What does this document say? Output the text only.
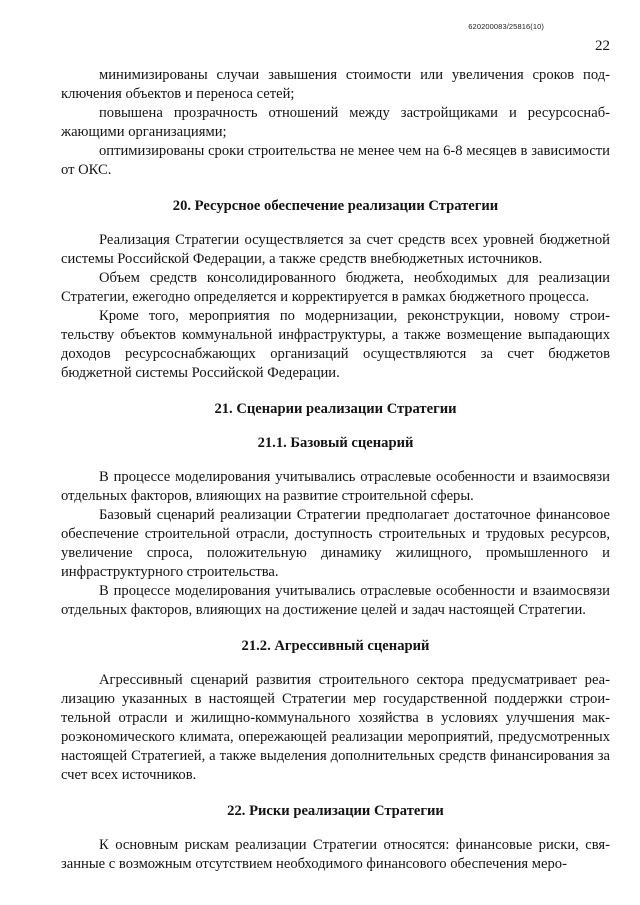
620200083/25816(10)
22

минимизированы случаи завышения стоимости или увеличения сроков подключения объектов и переноса сетей;

повышена прозрачность отношений между застройщиками и ресурсоснабжающими организациями;

оптимизированы сроки строительства не менее чем на 6-8 месяцев в зависимости от ОКС.

20. Ресурсное обеспечение реализации Стратегии

Реализация Стратегии осуществляется за счет средств всех уровней бюджетной системы Российской Федерации, а также средств внебюджетных источников.

Объем средств консолидированного бюджета, необходимых для реализации Стратегии, ежегодно определяется и корректируется в рамках бюджетного процесса.

Кроме того, мероприятия по модернизации, реконструкции, новому строительству объектов коммунальной инфраструктуры, а также возмещение выпадающих доходов ресурсоснабжающих организаций осуществляются за счет бюджетов бюджетной системы Российской Федерации.

21. Сценарии реализации Стратегии
21.1. Базовый сценарий

В процессе моделирования учитывались отраслевые особенности и взаимосвязи отдельных факторов, влияющих на развитие строительной сферы.

Базовый сценарий реализации Стратегии предполагает достаточное финансовое обеспечение строительной отрасли, доступность строительных и трудовых ресурсов, увеличение спроса, положительную динамику жилищного, промышленного и инфраструктурного строительства.

В процессе моделирования учитывались отраслевые особенности и взаимосвязи отдельных факторов, влияющих на достижение целей и задач настоящей Стратегии.

21.2. Агрессивный сценарий

Агрессивный сценарий развития строительного сектора предусматривает реализацию указанных в настоящей Стратегии мер государственной поддержки строительной отрасли и жилищно-коммунального хозяйства в условиях улучшения макроэкономического климата, опережающей реализации мероприятий, предусмотренных настоящей Стратегией, а также выделения дополнительных средств финансирования за счет всех источников.

22. Риски реализации Стратегии

К основным рискам реализации Стратегии относятся: финансовые риски, связанные с возможным отсутствием необходимого финансового обеспечения меро-
